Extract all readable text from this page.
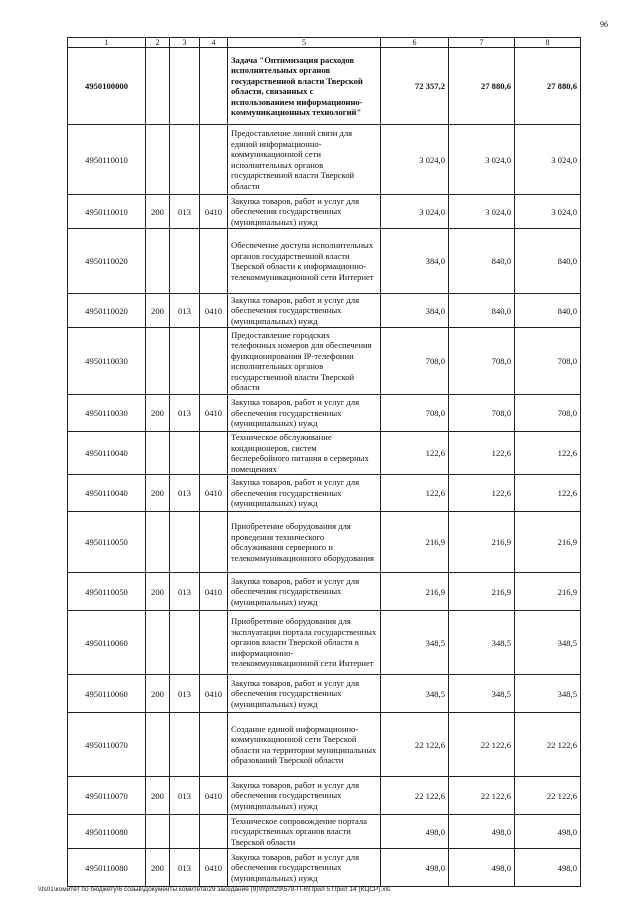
96
1	2	3	4	5	6	7	8
4950100000				Задача "Оптимизация расходов исполнительных органов государственной власти Тверской области, связанных с использованием информационно-коммуникационных технологий"	72 357,2	27 880,6	27 880,6
4950110010				Предоставление линий связи для единой информационно-коммуникационной сети исполнительных органов государственной власти Тверской области	3 024,0	3 024,0	3 024,0
4950110010	200	013	0410	Закупка товаров, работ и услуг для обеспечения государственных (муниципальных) нужд	3 024,0	3 024,0	3 024,0
4950110020				Обеспечение доступа исполнительных органов государственной власти Тверской области к информационно-телекоммуникационной сети Интернет	384,0	840,0	840,0
4950110020	200	013	0410	Закупка товаров, работ и услуг для обеспечения государственных (муниципальных) нужд	384,0	840,0	840,0
4950110030				Предоставление городских телефонных номеров для обеспечения функционирования IP-телефонии исполнительных органов государственной власти Тверской области	708,0	708,0	708,0
4950110030	200	013	0410	Закупка товаров, работ и услуг для обеспечения государственных (муниципальных) нужд	708,0	708,0	708,0
4950110040				Техническое обслуживание кондиционеров, систем бесперебойного питания в серверных помещениях	122,6	122,6	122,6
4950110040	200	013	0410	Закупка товаров, работ и услуг для обеспечения государственных (муниципальных) нужд	122,6	122,6	122,6
4950110050				Приобретение оборудования для проведения технического обслуживания серверного и телекоммуникационного оборудования	216,9	216,9	216,9
4950110050	200	013	0410	Закупка товаров, работ и услуг для обеспечения государственных (муниципальных) нужд	216,9	216,9	216,9
4950110060				Приобретение оборудования для эксплуатации портала государственных органов власти Тверской области в информационно-телекоммуникационной сети Интернет	348,5	348,5	348,5
4950110060	200	013	0410	Закупка товаров, работ и услуг для обеспечения государственных (муниципальных) нужд	348,5	348,5	348,5
4950110070				Создание единой информационно-коммуникационной сети Тверской области на территории муниципальных образований Тверской области	22 122,6	22 122,6	22 122,6
4950110070	200	013	0410	Закупка товаров, работ и услуг для обеспечения государственных (муниципальных) нужд	22 122,6	22 122,6	22 122,6
4950110080				Техническое сопровождение портала государственных органов власти Тверской области	498,0	498,0	498,0
4950110080	200	013	0410	Закупка товаров, работ и услуг для обеспечения государственных (муниципальных) нужд	498,0	498,0	498,0
\\fs01\комитет по бюджету\6 созыв\Документы комитета\29 заседание (9)\п\рп\29\578-П-6\Прил 5 Прил 14 (КЦСР).xls
